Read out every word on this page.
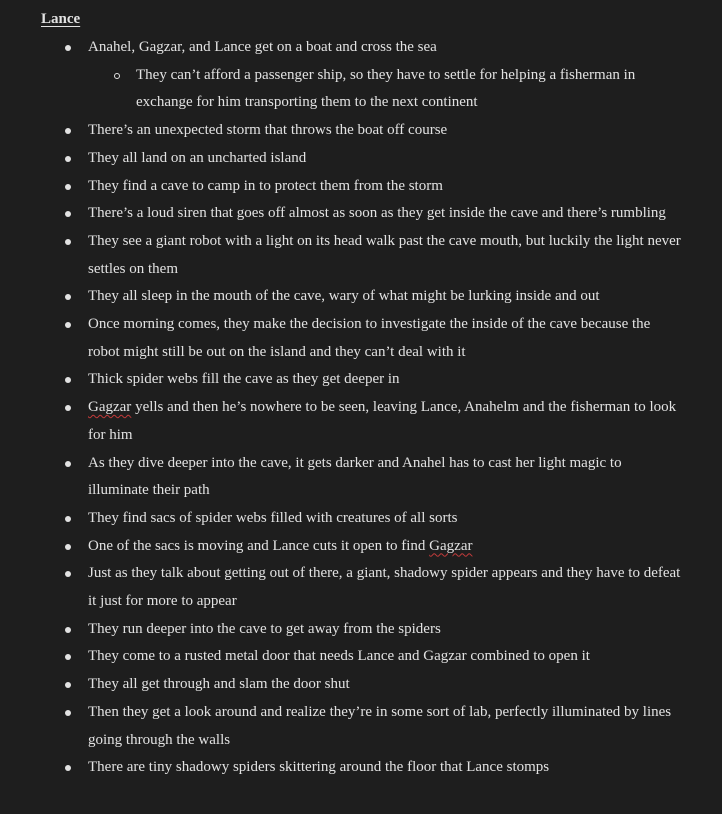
Lance
Anahel, Gagzar, and Lance get on a boat and cross the sea
They can’t afford a passenger ship, so they have to settle for helping a fisherman in exchange for him transporting them to the next continent
There’s an unexpected storm that throws the boat off course
They all land on an uncharted island
They find a cave to camp in to protect them from the storm
There’s a loud siren that goes off almost as soon as they get inside the cave and there’s rumbling
They see a giant robot with a light on its head walk past the cave mouth, but luckily the light never settles on them
They all sleep in the mouth of the cave, wary of what might be lurking inside and out
Once morning comes, they make the decision to investigate the inside of the cave because the robot might still be out on the island and they can’t deal with it
Thick spider webs fill the cave as they get deeper in
Gagzar yells and then he’s nowhere to be seen, leaving Lance, Anahelm and the fisherman to look for him
As they dive deeper into the cave, it gets darker and Anahel has to cast her light magic to illuminate their path
They find sacs of spider webs filled with creatures of all sorts
One of the sacs is moving and Lance cuts it open to find Gagzar
Just as they talk about getting out of there, a giant, shadowy spider appears and they have to defeat it just for more to appear
They run deeper into the cave to get away from the spiders
They come to a rusted metal door that needs Lance and Gagzar combined to open it
They all get through and slam the door shut
Then they get a look around and realize they’re in some sort of lab, perfectly illuminated by lines going through the walls
There are tiny shadowy spiders skittering around the floor that Lance stomps
